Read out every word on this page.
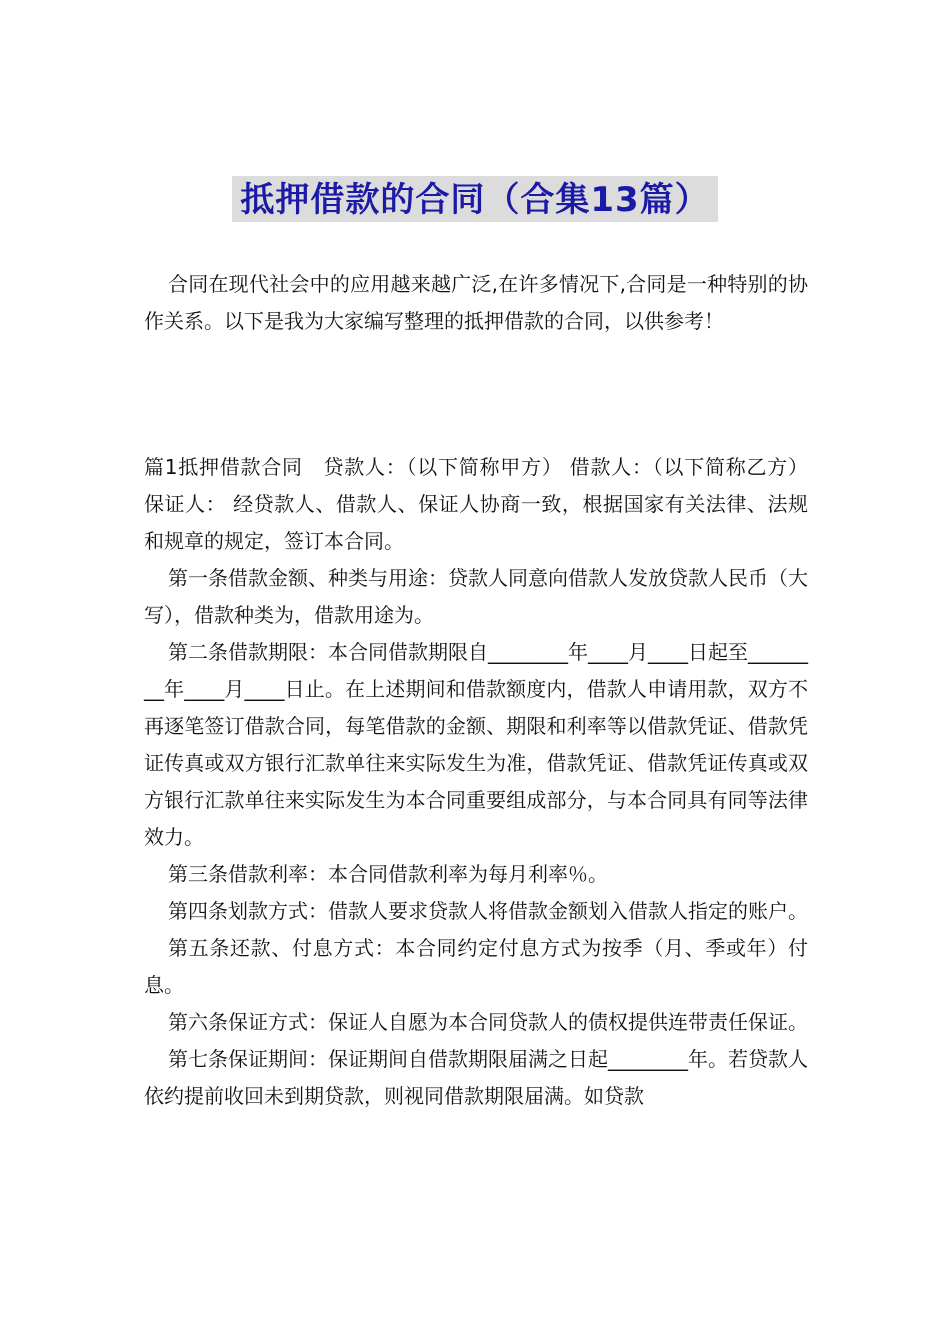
抵押借款的合同（合集13篇）

合同在现代社会中的应用越来越广泛,在许多情况下,合同是一种特别的协作关系。以下是我为大家编写整理的抵押借款的合同，以供参考！

篇1抵押借款合同　贷款人：（以下简称甲方） 借款人：（以下简称乙方） 保证人： 经贷款人、借款人、保证人协商一致，根据国家有关法律、法规和规章的规定，签订本合同。

第一条借款金额、种类与用途：贷款人同意向借款人发放贷款人民币（大写），借款种类为，借款用途为。

第二条借款期限：本合同借款期限自________年____月____日起至________年____月____日止。在上述期间和借款额度内，借款人申请用款，双方不再逐笔签订借款合同，每笔借款的金额、期限和利率等以借款凭证、借款凭证传真或双方银行汇款单往来实际发生为准，借款凭证、借款凭证传真或双方银行汇款单往来实际发生为本合同重要组成部分，与本合同具有同等法律效力。

第三条借款利率：本合同借款利率为每月利率％。

第四条划款方式：借款人要求贷款人将借款金额划入借款人指定的账户。

第五条还款、付息方式：本合同约定付息方式为按季（月、季或年）付息。

第六条保证方式：保证人自愿为本合同贷款人的债权提供连带责任保证。

第七条保证期间：保证期间自借款期限届满之日起________年。若贷款人依约提前收回未到期贷款，则视同借款期限届满。如贷款
